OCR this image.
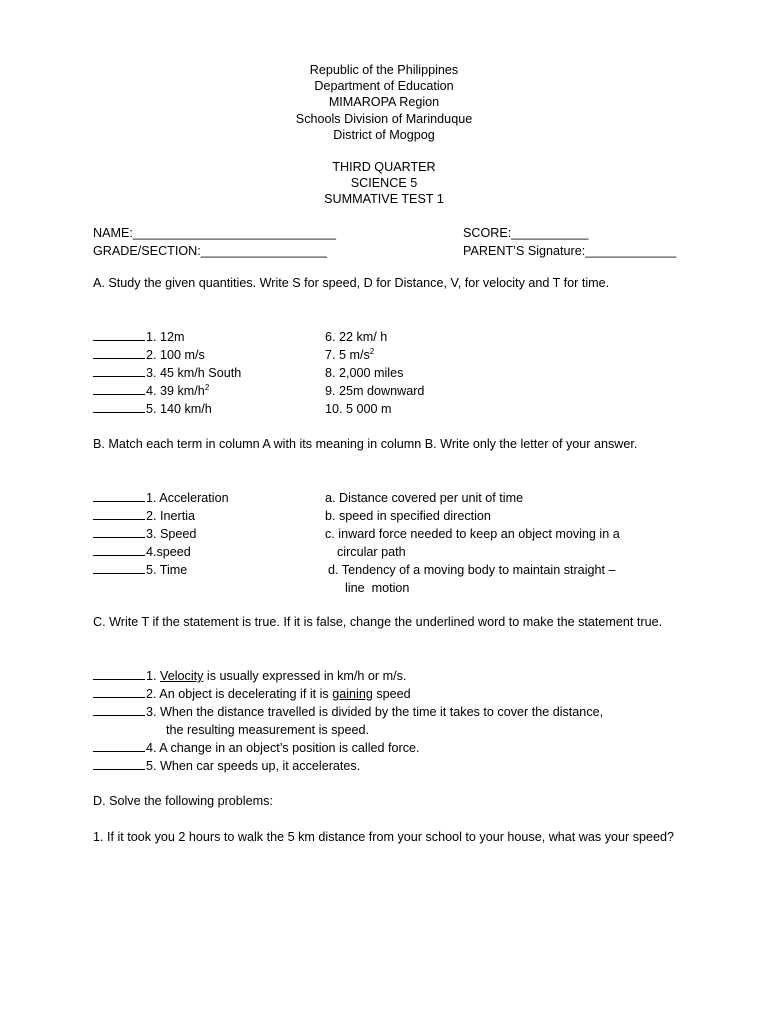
Republic of the Philippines
Department of Education
MIMAROPA Region
Schools Division of Marinduque
District of Mogpog
THIRD QUARTER
SCIENCE 5
SUMMATIVE TEST 1
NAME:_____________________________	SCORE:___________
GRADE/SECTION:__________________	PARENT’S Signature:_____________
A. Study the given quantities. Write S for speed, D for Distance, V, for velocity and T for time.
1. 12m
2. 100 m/s
3. 45 km/h South
4. 39 $km/h^2$
5. 140 km/h
6. 22 km/ h
7. 5 $m/s^2$
8. 2,000 miles
9. 25m downward
10. 5 000 m
B. Match each term in column A with its meaning in column B. Write only the letter of your answer.
1. Acceleration
2. Inertia
3. Speed
4.speed
5. Time
a. Distance covered per unit of time
b. speed in specified direction
c. inward force needed to keep an object moving in a
circular path
d. Tendency of a moving body to maintain straight –
line  motion
C. Write T if the statement is true. If it is false, change the underlined word to make the statement true.
1. Velocity is usually expressed in km/h or m/s.
2. An object is decelerating if it is gaining speed
3. When the distance travelled is divided by the time it takes to cover the distance,
the resulting measurement is speed.
4. A change in an object’s position is called force.
5. When car speeds up, it accelerates.
D. Solve the following problems:
1. If it took you 2 hours to walk the 5 km distance from your school to your house, what was your speed?
